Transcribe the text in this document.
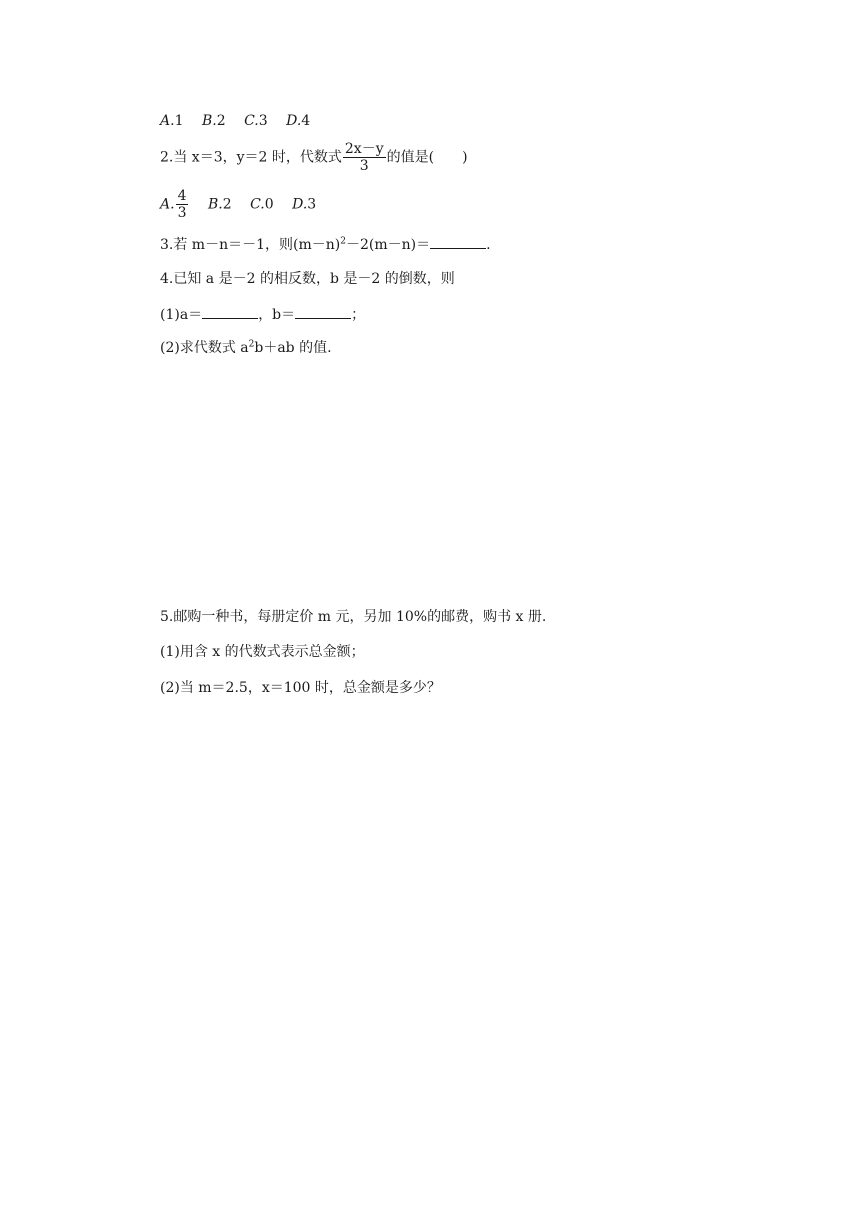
A.1 B.2 C.3 D.4
2.当 x＝3，y＝2 时，代数式 $\frac{2x-y}{3}$ 的值是(　　)
A. $\frac{4}{3} B.2$ C.0 D.3
3.若 m－n＝－1，则$(m-n)^2-2(m-n)=$	.
4.已知 a 是－2 的相反数，b 是－2 的倒数，则
(1)a＝	，b＝	；
(2)求代数式 $a^2b+ab$ 的值.
5.邮购一种书，每册定价 m 元，另加 10%的邮费，购书 x 册.
(1)用含 x 的代数式表示总金额；
(2)当 m＝2.5，x＝100 时，总金额是多少？
